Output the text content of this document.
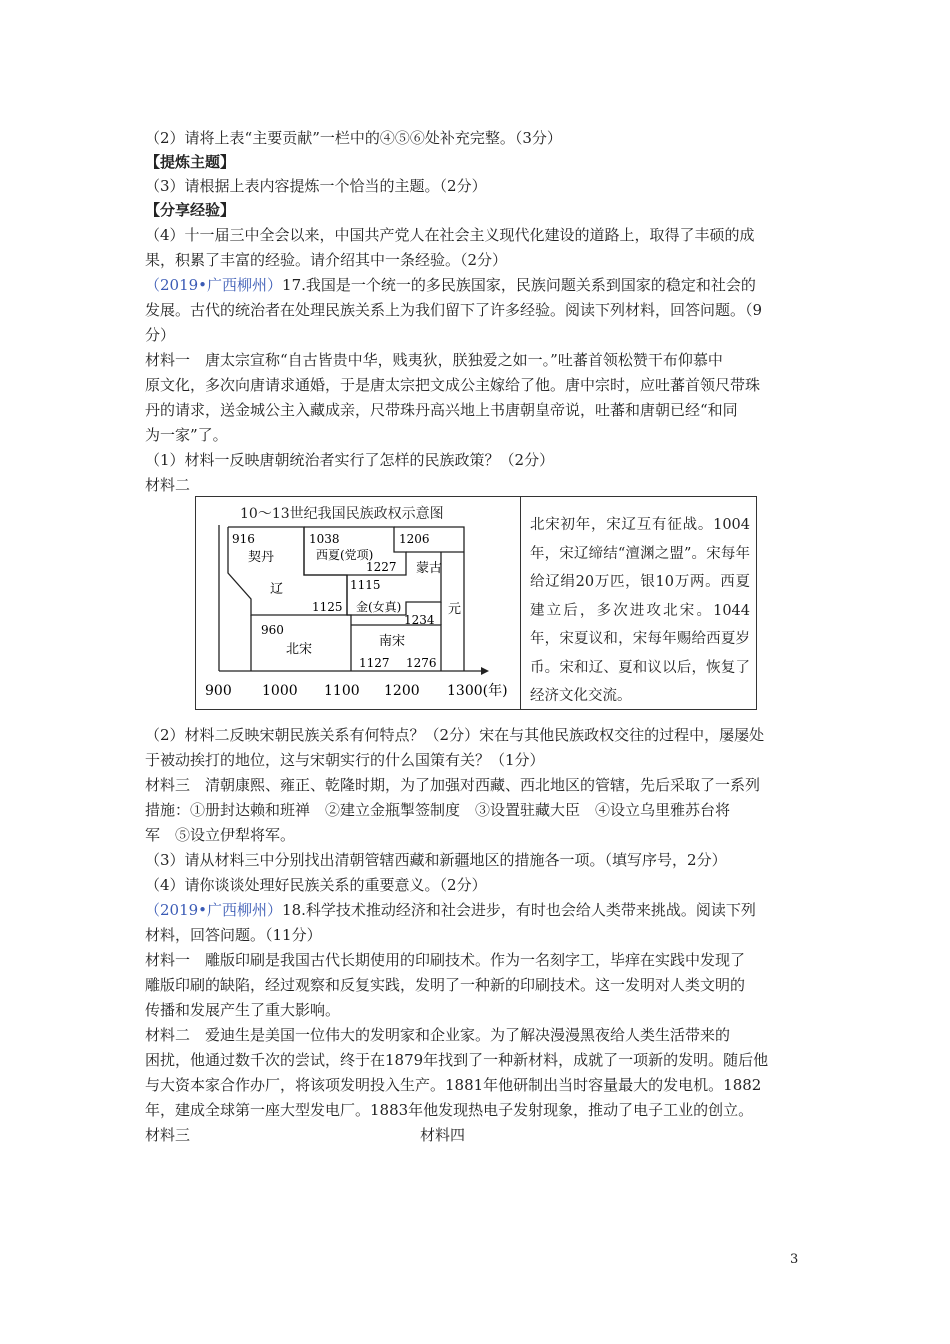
（2）请将上表“主要贡献”一栏中的④⑤⑥处补充完整。（3分）
【提炼主题】
（3）请根据上表内容提炼一个恰当的主题。（2分）
【分享经验】
（4）十一届三中全会以来，中国共产党人在社会主义现代化建设的道路上，取得了丰硕的成
果，积累了丰富的经验。请介绍其中一条经验。（2分）
（2019•广西柳州）17.我国是一个统一的多民族国家，民族问题关系到国家的稳定和社会的
发展。古代的统治者在处理民族关系上为我们留下了许多经验。阅读下列材料，回答问题。（9
分）
材料一　唐太宗宣称“自古皆贵中华，贱夷狄，朕独爱之如一。”吐蕃首领松赞干布仰慕中
原文化，多次向唐请求通婚，于是唐太宗把文成公主嫁给了他。唐中宗时，应吐蕃首领尺带珠
丹的请求，送金城公主入藏成亲，尺带珠丹高兴地上书唐朝皇帝说，吐蕃和唐朝已经“和同
为一家”了。
（1）材料一反映唐朝统治者实行了怎样的民族政策？（2分）
材料二
10～13世纪我国民族政权示意图
契丹
辽
西夏(党项)
蒙古
金(女真)	元
北宋
南宋
916	1038	1206
1227
1115
1125
1234
960
1127 1276
900 1000 1100 1200 1300(年)
北宋初年，宋辽互有征战。1004年，宋辽缔结“澶渊之盟”。宋每年给辽绢20万匹，银10万两。西夏建立后，多次进攻北宋。1044年，宋夏议和，宋每年赐给西夏岁币。宋和辽、夏和议以后，恢复了经济文化交流。
（2）材料二反映宋朝民族关系有何特点？（2分）宋在与其他民族政权交往的过程中，屡屡处
于被动挨打的地位，这与宋朝实行的什么国策有关？（1分）
材料三　清朝康熙、雍正、乾隆时期，为了加强对西藏、西北地区的管辖，先后采取了一系列
措施：①册封达赖和班禅　②建立金瓶掣签制度　③设置驻藏大臣　④设立乌里雅苏台将
军　⑤设立伊犁将军。
（3）请从材料三中分别找出清朝管辖西藏和新疆地区的措施各一项。（填写序号，2分）
（4）请你谈谈处理好民族关系的重要意义。（2分）
（2019•广西柳州）18.科学技术推动经济和社会进步，有时也会给人类带来挑战。阅读下列
材料，回答问题。（11分）
材料一　雕版印刷是我国古代长期使用的印刷技术。作为一名刻字工，毕痒在实践中发现了
雕版印刷的缺陷，经过观察和反复实践，发明了一种新的印刷技术。这一发明对人类文明的
传播和发展产生了重大影响。
材料二　爱迪生是美国一位伟大的发明家和企业家。为了解决漫漫黑夜给人类生活带来的
困扰，他通过数千次的尝试，终于在1879年找到了一种新材料，成就了一项新的发明。随后他
与大资本家合作办厂，将该项发明投入生产。1881年他研制出当时容量最大的发电机。1882
年，建成全球第一座大型发电厂。1883年他发现热电子发射现象，推动了电子工业的创立。
材料三	材料四
3
